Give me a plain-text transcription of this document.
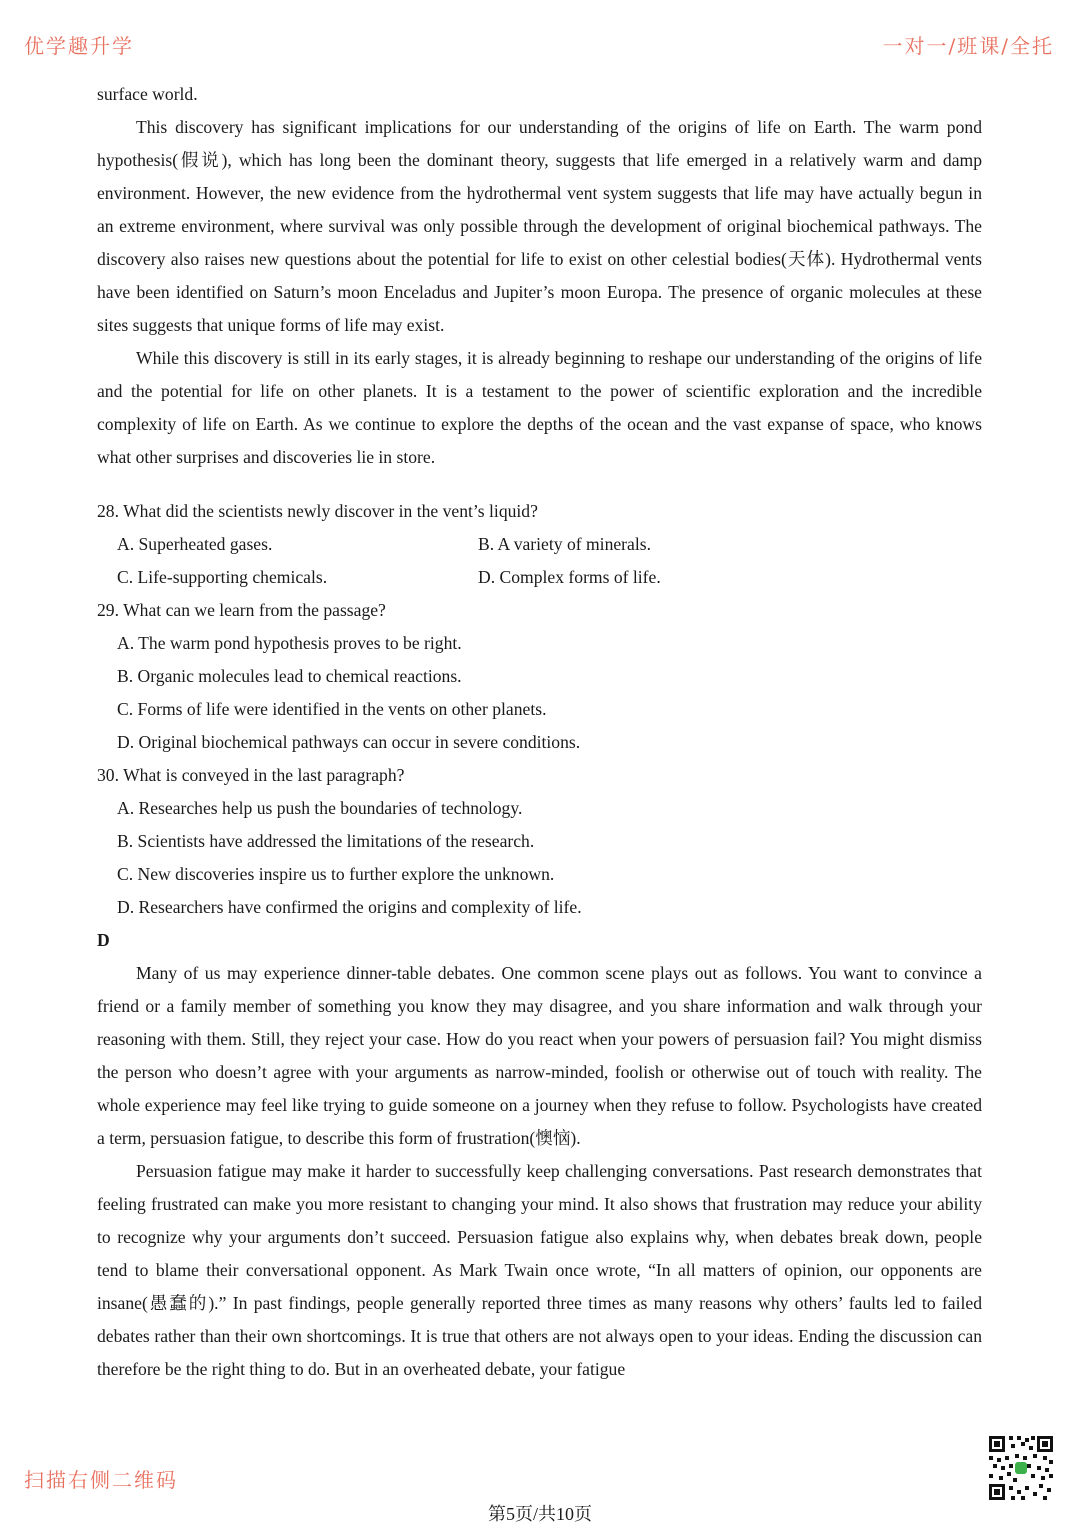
优学趣升学	一对一/班课/全托

surface world.

This discovery has significant implications for our understanding of the origins of life on Earth. The warm pond hypothesis(假说), which has long been the dominant theory, suggests that life emerged in a relatively warm and damp environment. However, the new evidence from the hydrothermal vent system suggests that life may have actually begun in an extreme environment, where survival was only possible through the development of original biochemical pathways. The discovery also raises new questions about the potential for life to exist on other celestial bodies(天体). Hydrothermal vents have been identified on Saturn’s moon Enceladus and Jupiter’s moon Europa. The presence of organic molecules at these sites suggests that unique forms of life may exist.

While this discovery is still in its early stages, it is already beginning to reshape our understanding of the origins of life and the potential for life on other planets. It is a testament to the power of scientific exploration and the incredible complexity of life on Earth. As we continue to explore the depths of the ocean and the vast expanse of space, who knows what other surprises and discoveries lie in store.

28. What did the scientists newly discover in the vent’s liquid?

A. Superheated gases.	B. A variety of minerals.

C. Life-supporting chemicals.	D. Complex forms of life.

29. What can we learn from the passage?

A. The warm pond hypothesis proves to be right.

B. Organic molecules lead to chemical reactions.

C. Forms of life were identified in the vents on other planets.

D. Original biochemical pathways can occur in severe conditions.

30. What is conveyed in the last paragraph?

A. Researches help us push the boundaries of technology.

B. Scientists have addressed the limitations of the research.

C. New discoveries inspire us to further explore the unknown.

D. Researchers have confirmed the origins and complexity of life.

D

Many of us may experience dinner-table debates. One common scene plays out as follows. You want to convince a friend or a family member of something you know they may disagree, and you share information and walk through your reasoning with them. Still, they reject your case. How do you react when your powers of persuasion fail? You might dismiss the person who doesn’t agree with your arguments as narrow-minded, foolish or otherwise out of touch with reality. The whole experience may feel like trying to guide someone on a journey when they refuse to follow. Psychologists have created a term, persuasion fatigue, to describe this form of frustration(懊恼).

Persuasion fatigue may make it harder to successfully keep challenging conversations. Past research demonstrates that feeling frustrated can make you more resistant to changing your mind. It also shows that frustration may reduce your ability to recognize why your arguments don’t succeed. Persuasion fatigue also explains why, when debates break down, people tend to blame their conversational opponent. As Mark Twain once wrote, “In all matters of opinion, our opponents are insane(愚蠢的).” In past findings, people generally reported three times as many reasons why others’ faults led to failed debates rather than their own shortcomings. It is true that others are not always open to your ideas. Ending the discussion can therefore be the right thing to do. But in an overheated debate, your fatigue

扫描右侧二维码
第5页/共10页
